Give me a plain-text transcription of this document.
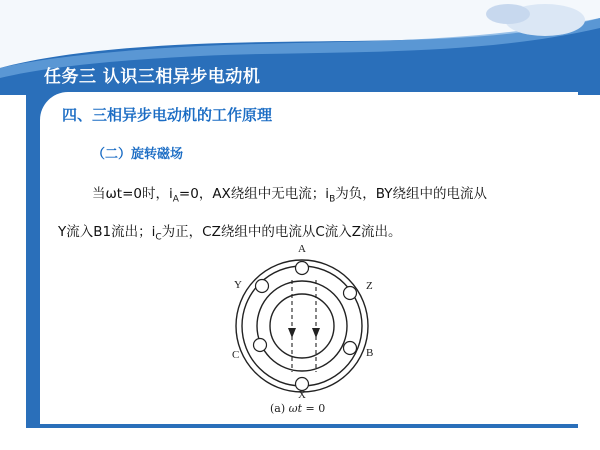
任务三 认识三相异步电动机
四、三相异步电动机的工作原理
（二）旋转磁场
当ωt=0时，$i_A=0$，AX绕组中无电流；$i_B$为负，BY绕组中的电流从
Y流入B1流出；$i_C$为正，CZ绕组中的电流从C流入Z流出。
A
X
Y	Z
C	B
(a) ωt = 0
